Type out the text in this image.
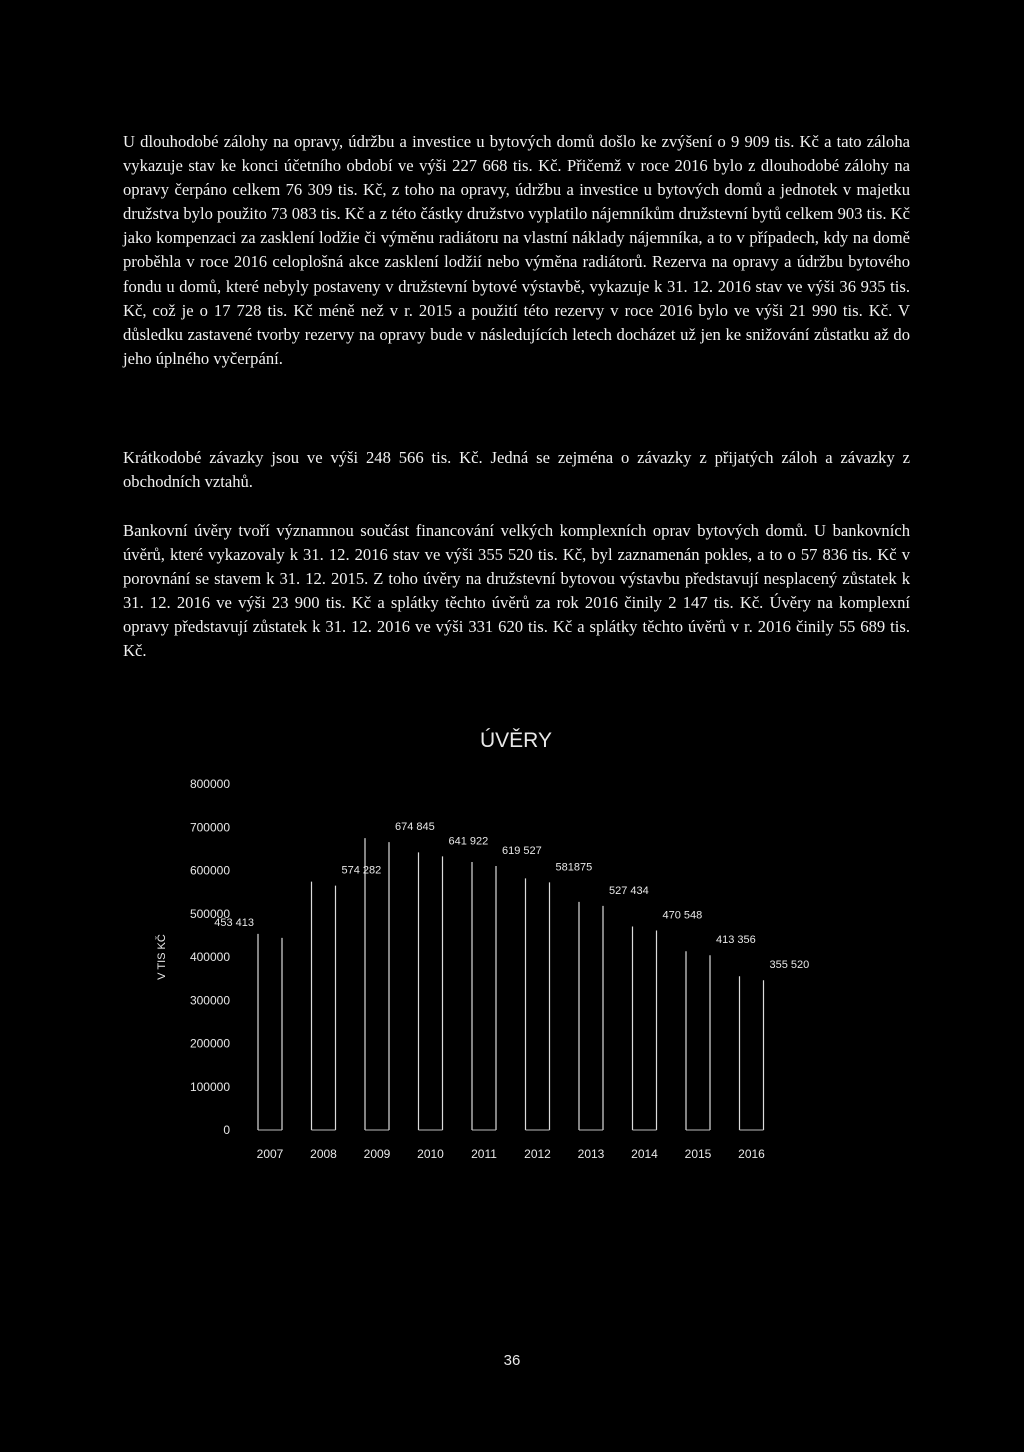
U dlouhodobé zálohy na opravy, údržbu a investice u bytových domů došlo ke zvýšení o 9 909 tis. Kč a tato záloha vykazuje stav ke konci účetního období ve výši 227 668 tis. Kč. Přičemž v roce 2016 bylo z dlouhodobé zálohy na opravy čerpáno celkem 76 309 tis. Kč, z toho na opravy, údržbu a investice u bytových domů a jednotek v majetku družstva bylo použito 73 083 tis. Kč a z této částky družstvo vyplatilo nájemníkům družstevní bytů celkem 903 tis. Kč jako kompenzaci za zasklení lodžie či výměnu radiátoru na vlastní náklady nájemníka, a to v případech, kdy na domě proběhla v roce 2016 celoplošná akce zasklení lodžií nebo výměna radiátorů. Rezerva na opravy a údržbu bytového fondu u domů, které nebyly postaveny v družstevní bytové výstavbě, vykazuje k 31. 12. 2016 stav ve výši 36 935 tis. Kč, což je o 17 728 tis. Kč méně než v r. 2015 a použití této rezervy v roce 2016 bylo ve výši 21 990 tis. Kč. V důsledku zastavené tvorby rezervy na opravy bude v následujících letech docházet už jen ke snižování zůstatku až do jeho úplného vyčerpání.

Krátkodobé závazky jsou ve výši 248 566 tis. Kč. Jedná se zejména o závazky z přijatých záloh a závazky z obchodních vztahů.

Bankovní úvěry tvoří významnou součást financování velkých komplexních oprav bytových domů. U bankovních úvěrů, které vykazovaly k 31. 12. 2016 stav ve výši 355 520 tis. Kč, byl zaznamenán pokles, a to o 57 836 tis. Kč v porovnání se stavem k 31. 12. 2015. Z toho úvěry na družstevní bytovou výstavbu představují nesplacený zůstatek k 31. 12. 2016 ve výši 23 900 tis. Kč a splátky těchto úvěrů za rok 2016 činily 2 147 tis. Kč. Úvěry na komplexní opravy představují zůstatek k 31. 12. 2016 ve výši 331 620 tis. Kč a splátky těchto úvěrů v r. 2016 činily 55 689 tis. Kč.

ÚVĚRY
V TIS KČ
0
100000
200000
300000
400000
500000
600000
700000
800000
453 413
574 282
674 845
641 922
619 527
581875
527 434
470 548
413 356
355 520
2007 2008 2009 2010 2011 2012 2013 2014 2015 2016
36
